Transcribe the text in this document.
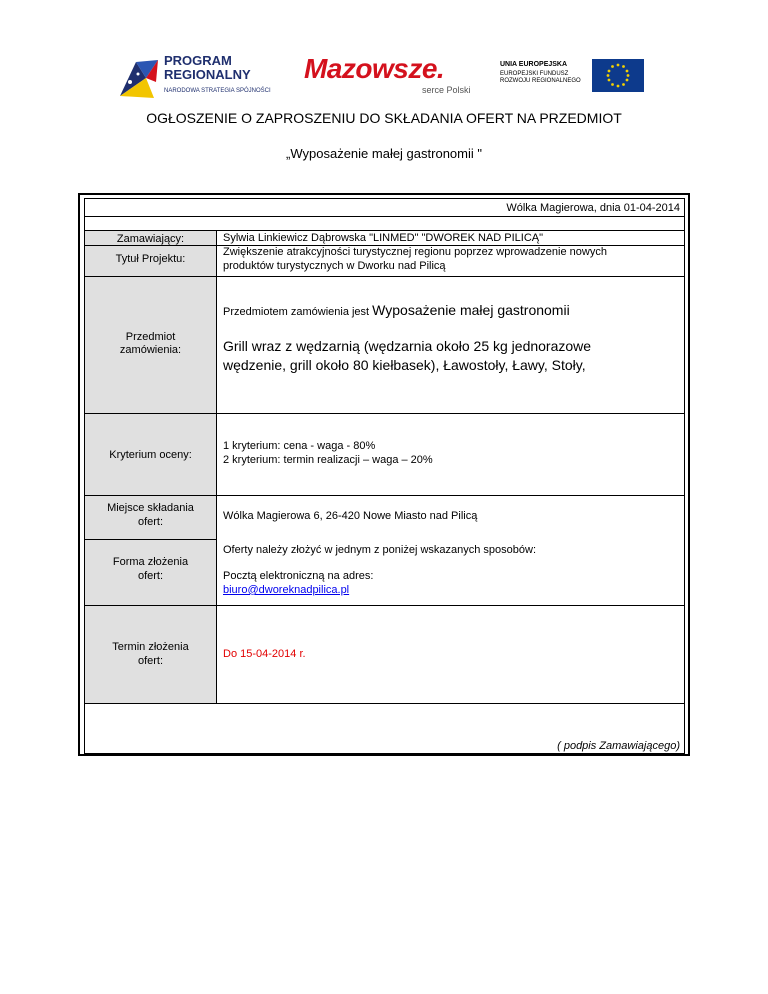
PROGRAM
REGIONALNY
NARODOWA STRATEGIA SPÓJNOŚCI
Mazowsze.
serce Polski
UNIA EUROPEJSKA
EUROPEJSKI FUNDUSZ
ROZWOJU REGIONALNEGO
OGŁOSZENIE O ZAPROSZENIU DO SKŁADANIA OFERT NA PRZEDMIOT
„Wyposażenie małej gastronomii "
Wólka Magierowa, dnia 01-04-2014
Zamawiający:	Sylwia Linkiewicz Dąbrowska "LINMED" "DWOREK NAD PILICĄ"
Tytuł Projektu:
Zwiększenie atrakcyjności turystycznej regionu poprzez wprowadzenie nowych
produktów turystycznych w Dworku nad Pilicą
Przedmiot
zamówienia:
Przedmiotem zamówienia jest Wyposażenie małej gastronomii
Grill wraz z wędzarnią (wędzarnia około 25 kg jednorazowe
wędzenie, grill około 80 kiełbasek), Ławostoły, Ławy, Stoły,
Kryterium oceny:
1 kryterium: cena - waga - 80%
2 kryterium: termin realizacji – waga – 20%
Miejsce składania
ofert:	Wólka Magierowa 6, 26-420 Nowe Miasto nad Pilicą
Forma złożenia
ofert:
Oferty należy złożyć w jednym z poniżej wskazanych sposobów:
Pocztą elektroniczną na adres:
biuro@dworeknadpilica.pl
Termin złożenia
ofert:
Do 15-04-2014 r.
( podpis Zamawiającego)
